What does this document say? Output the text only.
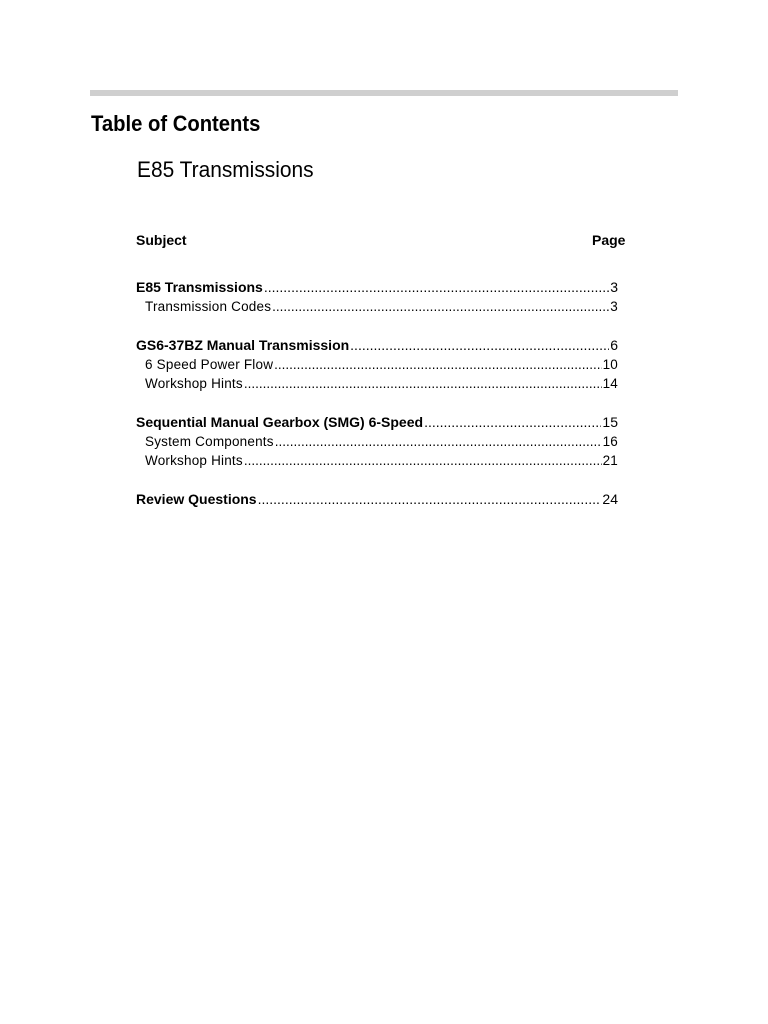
Table of Contents
E85 Transmissions
Subject	Page
E85 Transmissions .....	3
Transmission Codes .....	3
GS6-37BZ Manual Transmission .....	6
6 Speed Power Flow .....	10
Workshop Hints .....	14
Sequential Manual Gearbox (SMG) 6-Speed .....	15
System Components .....	16
Workshop Hints .....	21
Review Questions .....	24
